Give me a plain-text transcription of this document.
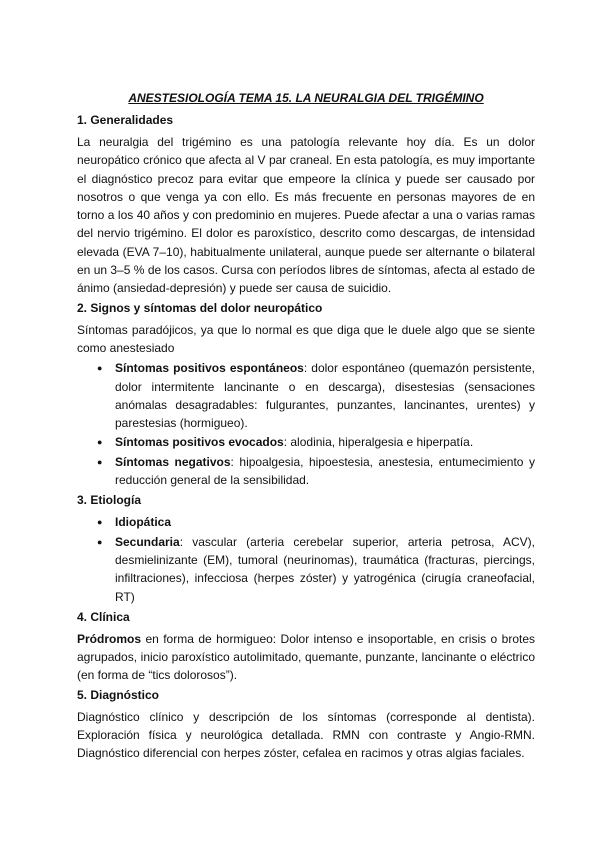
ANESTESIOLOGÍA TEMA 15. LA NEURALGIA DEL TRIGÉMINO
1. Generalidades
La neuralgia del trigémino es una patología relevante hoy día. Es un dolor neuropático crónico que afecta al V par craneal. En esta patología, es muy importante el diagnóstico precoz para evitar que empeore la clínica y puede ser causado por nosotros o que venga ya con ello. Es más frecuente en personas mayores de en torno a los 40 años y con predominio en mujeres. Puede afectar a una o varias ramas del nervio trigémino. El dolor es paroxístico, descrito como descargas, de intensidad elevada (EVA 7–10), habitualmente unilateral, aunque puede ser alternante o bilateral en un 3–5 % de los casos. Cursa con períodos libres de síntomas, afecta al estado de ánimo (ansiedad-depresión) y puede ser causa de suicidio.
2. Signos y síntomas del dolor neuropático
Síntomas paradójicos, ya que lo normal es que diga que le duele algo que se siente como anestesiado
● Síntomas positivos espontáneos: dolor espontáneo (quemazón persistente, dolor intermitente lancinante o en descarga), disestesias (sensaciones anómalas desagradables: fulgurantes, punzantes, lancinantes, urentes) y parestesias (hormigueo).
● Síntomas positivos evocados: alodinia, hiperalgesia e hiperpatía.
● Síntomas negativos: hipoalgesia, hipoestesia, anestesia, entumecimiento y reducción general de la sensibilidad.
3. Etiología
● Idiopática
● Secundaria: vascular (arteria cerebelar superior, arteria petrosa, ACV), desmielinizante (EM), tumoral (neurinomas), traumática (fracturas, piercings, infiltraciones), infecciosa (herpes zóster) y yatrogénica (cirugía craneofacial, RT)
4. Clínica
Pródromos en forma de hormigueo: Dolor intenso e insoportable, en crisis o brotes agrupados, inicio paroxístico autolimitado, quemante, punzante, lancinante o eléctrico (en forma de “tics dolorosos”).
5. Diagnóstico
Diagnóstico clínico y descripción de los síntomas (corresponde al dentista). Exploración física y neurológica detallada. RMN con contraste y Angio-RMN. Diagnóstico diferencial con herpes zóster, cefalea en racimos y otras algias faciales.
